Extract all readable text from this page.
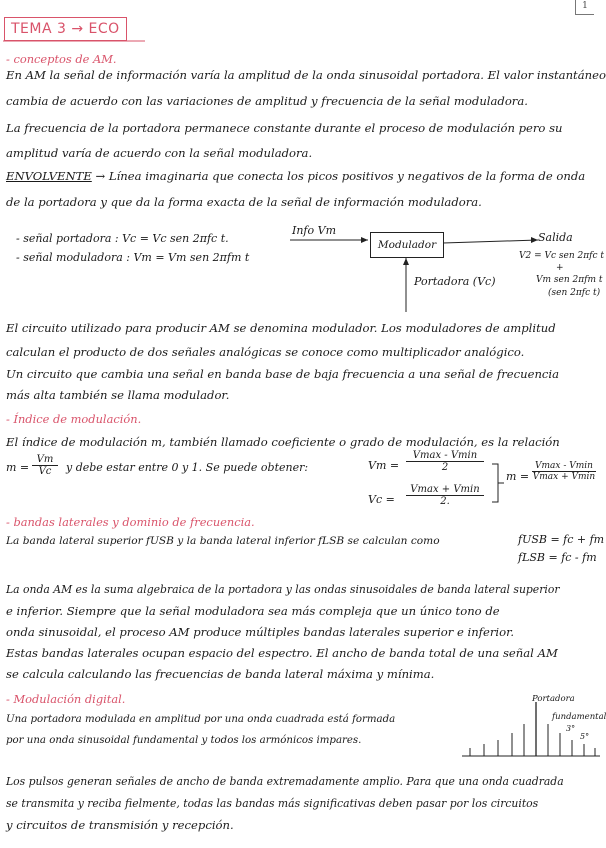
1
TEMA 3 → ECO
- conceptos de AM.
En AM la señal de información varía la amplitud de la onda sinusoidal portadora. El valor instantáneo
cambia de acuerdo con las variaciones de amplitud y frecuencia de la señal moduladora.
La frecuencia de la portadora permanece constante durante el proceso de modulación pero su
amplitud varía de acuerdo con la señal moduladora.
ENVOLVENTE → Línea imaginaria que conecta los picos positivos y negativos de la forma de onda
de la portadora y que da la forma exacta de la señal de información moduladora.
- señal portadora : Vc = Vc sen 2πfc t.
- señal moduladora : Vm = Vm sen 2πfm t
Info Vm
Modulador
Salida
V2 = Vc sen 2πfc t
+
Vm sen 2πfm t
(sen 2πfc t)
Portadora (Vc)
El circuito utilizado para producir AM se denomina modulador. Los moduladores de amplitud
calculan el producto de dos señales analógicas se conoce como multiplicador analógico.
Un circuito que cambia una señal en banda base de baja frecuencia a una señal de frecuencia
más alta también se llama modulador.
- Índice de modulación.
El índice de modulación m, también llamado coeficiente o grado de modulación, es la relación
$m = \frac{Vm}{Vc}$ y debe estar entre 0 y 1. Se puede obtener:	Vm =
Vmax - Vmin
2
Vc =
Vmax + Vmin
2.
m =
Vmax - Vmin
Vmax + Vmin
- bandas laterales y dominio de frecuencia.
La banda lateral superior fUSB y la banda lateral inferior fLSB se calculan como	fUSB = fc + fm
fLSB = fc - fm
La onda AM es la suma algebraica de la portadora y las ondas sinusoidales de banda lateral superior
e inferior. Siempre que la señal moduladora sea más compleja que un único tono de
onda sinusoidal, el proceso AM produce múltiples bandas laterales superior e inferior.
Estas bandas laterales ocupan espacio del espectro. El ancho de banda total de una señal AM
se calcula calculando las frecuencias de banda lateral máxima y mínima.
- Modulación digital.
Una portadora modulada en amplitud por una onda cuadrada está formada
por una onda sinusoidal fundamental y todos los armónicos impares.
Portadora
fundamental
3°
5°
Los pulsos generan señales de ancho de banda extremadamente amplio. Para que una onda cuadrada
se transmita y reciba fielmente, todas las bandas más significativas deben pasar por los circuitos
y circuitos de transmisión y recepción.
